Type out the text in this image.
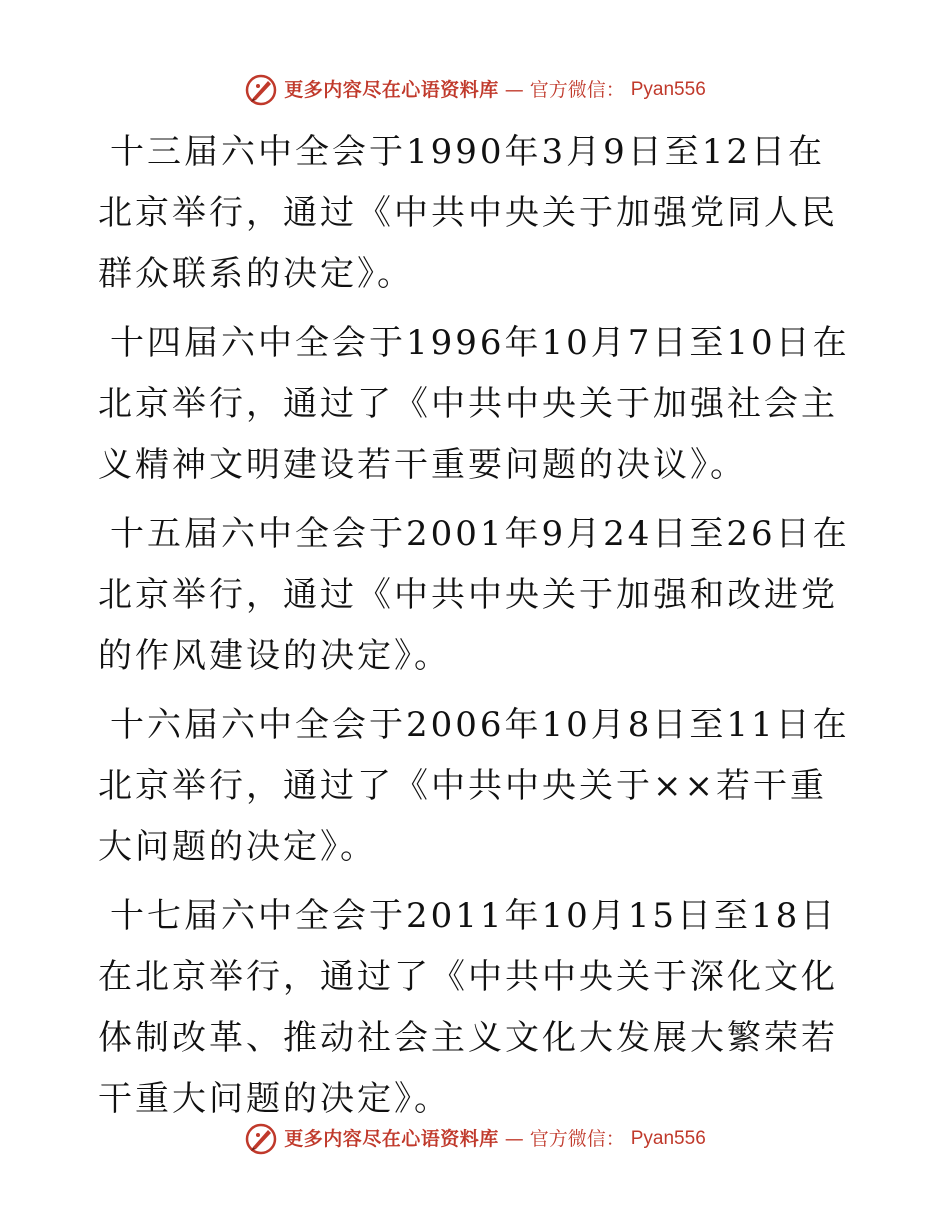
更多内容尽在心语资料库 — 官方微信： Pyan556

十三届六中全会于1990年3月9日至12日在北京举行，通过《中共中央关于加强党同人民群众联系的决定》。

十四届六中全会于1996年10月7日至10日在北京举行，通过了《中共中央关于加强社会主义精神文明建设若干重要问题的决议》。

十五届六中全会于2001年9月24日至26日在北京举行，通过《中共中央关于加强和改进党的作风建设的决定》。

十六届六中全会于2006年10月8日至11日在北京举行，通过了《中共中央关于××若干重大问题的决定》。

十七届六中全会于2011年10月15日至18日在北京举行，通过了《中共中央关于深化文化体制改革、推动社会主义文化大发展大繁荣若干重大问题的决定》。

更多内容尽在心语资料库 — 官方微信： Pyan556
